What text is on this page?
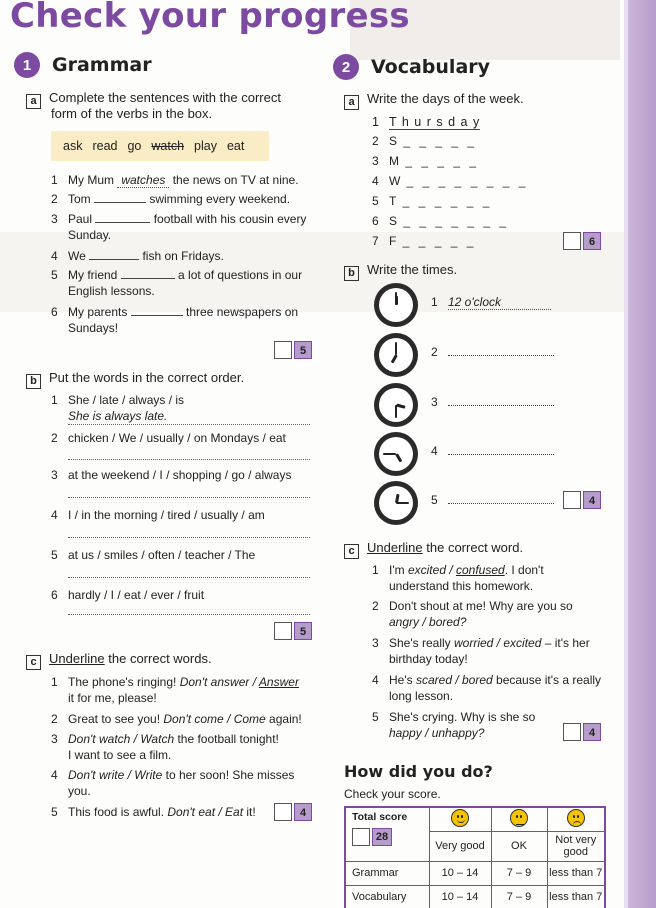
Check your progress
1	Grammar
a Complete the sentences with the correct
form of the verbs in the box.
ask read go watch play eat
1 My Mum watches the news on TV at nine.
2 Tom	swimming every weekend.
3 Paul	football with his cousin every
Sunday.
4 We	fish on Fridays.
5 My friend	a lot of questions in our
English lessons.
6 My parents	three newspapers on
Sundays!
5
b Put the words in the correct order.
1 She / late / always / is
She is always late.
2 chicken / We / usually / on Mondays / eat
3 at the weekend / I / shopping / go / always
4 I / in the morning / tired / usually / am
5 at us / smiles / often / teacher / The
6 hardly / I / eat / ever / fruit
5
c Underline the correct words.
1 The phone's ringing! Don't answer / Answer
it for me, please!
2 Great to see you! Don't come / Come again!
3 Don't watch / Watch the football tonight!
I want to see a film.
4 Don't write / Write to her soon! She misses
you.
5 This food is awful. Don't eat / Eat it!	4
2	Vocabulary
a Write the days of the week.
1 T h u r s d a y
2 S _ _ _ _ _
3 M _ _ _ _ _
4 W _ _ _ _ _ _ _ _
5 T _ _ _ _ _ _
6 S _ _ _ _ _ _ _
7 F _ _ _ _ _	6
b Write the times.
1 12 o'clock
2
3
4
5	4
c Underline the correct word.
1 I'm excited / confused. I don't
understand this homework.
2 Don't shout at me! Why are you so
angry / bored?
3 She's really worried / excited – it's her
birthday today!
4 He's scared / bored because it's a really
long lesson.
5 She's crying. Why is she so
happy / unhappy?	4
How did you do?
Check your score.
Total score
28			

	Very good	OK	Not very good
Grammar	10 – 14	7 – 9	less than 7
Vocabulary	10 – 14	7 – 9	less than 7
